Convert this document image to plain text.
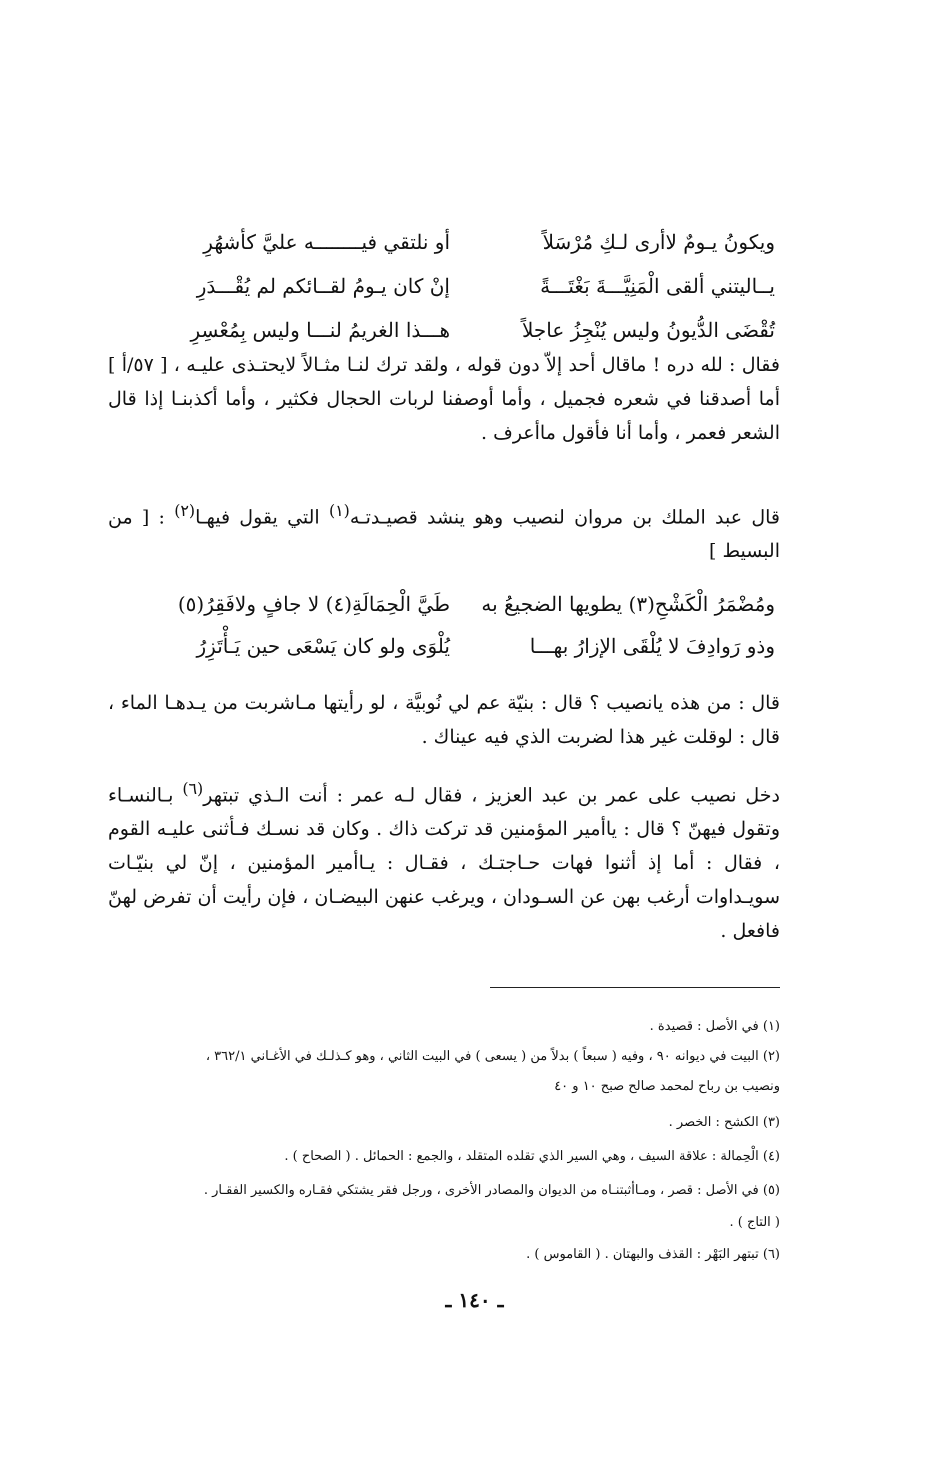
ويكونُ يـومٌ لاأرى لـكِ مُرْسَلاً
أو نلتقي فيــــــــه عليَّ كأشهُرِ
يــاليتني ألقى الْمَنِيَّـــةَ بَغْتَـــةً
إنْ كان يـومُ لقــائكم لم يُقْـــدَرِ
تُقْضَى الدُّيونُ وليس يُنْجِزُ عاجلاً
هـــذا الغريمُ لنـــا وليس بِمُعْسِرِ

فقال : لله دره ! ماقال أحد إلاّ دون قوله ، ولقد ترك لنـا مثـالاً لايحتـذى عليـه ، [ ٥٧/أ ] أما أصدقنا في شعره فجميل ، وأما أوصفنا لربات الحجال فكثير ، وأما أكذبنـا إذا قال الشعر فعمر ، وأما أنا فأقول ماأعرف .

قال عبد الملك بن مروان لنصيب وهو ينشد قصيـدتـه$^{(١)}$ التي يقول فيهـا$^{(٢)}$ : [ من البسيط ]

ومُضْمَرُ الْكَشْحِ(٣) يطويها الضجيعُ به
طَيَّ الْحِمَالَةِ(٤) لا جافٍ ولافَقِرُ(٥)
وذو رَوادِفَ لا يُلْقَى الإزارُ بهـــا
يُلْوَى ولو كان يَسْعَى حين يَـأْتَزِرُ

قال : من هذه يانصيب ؟ قال : بنيّة عم لي نُوبيَّة ، لو رأيتها مـاشربت من يـدهـا الماء ، قال : لوقلت غير هذا لضربت الذي فيه عيناك .

دخل نصيب على عمر بن عبد العزيز ، فقال لـه عمر : أنت الـذي تبتهر$^{(٦)}$ بـالنسـاء وتقول فيهنّ ؟ قال : ياأمير المؤمنين قد تركت ذاك . وكان قد نسـك فـأثنى عليـه القوم ، فقال : أما إذ أثنوا فهات حـاجتـك ، فقـال : يـاأمير المؤمنين ، إنّ لي بنيّـات سويـداوات أرغب بهن عن السـودان ، ويرغب عنهن البيضـان ، فإن رأيت أن تفرض لهنّ فافعل .

(١) في الأصل : قصيدة .
(٢) البيت في ديوانه ٩٠ ، وفيه ( سبعاً ) بدلاً من ( يسعى ) في البيت الثاني ، وهو كـذلـك في الأغـاني ٣٦٢/١ ،
ونصيب بن رباح لمحمد صالح صبح ١٠ و ٤٠
(٣) الكشح : الخصر .
(٤) الْحِمالة : علاقة السيف ، وهي السير الذي تقلده المتقلد ، والجمع : الحمائل . ( الصحاح ) .
(٥) في الأصل : قصر ، ومـاأثبتنـاه من الديوان والمصادر الأخرى ، ورجل فقر يشتكي فقـاره والكسير الفقـار .
( التاج ) .
(٦) تبتهر البَهْر : القذف والبهتان . ( القاموس ) .
ـ ١٤٠ ـ
